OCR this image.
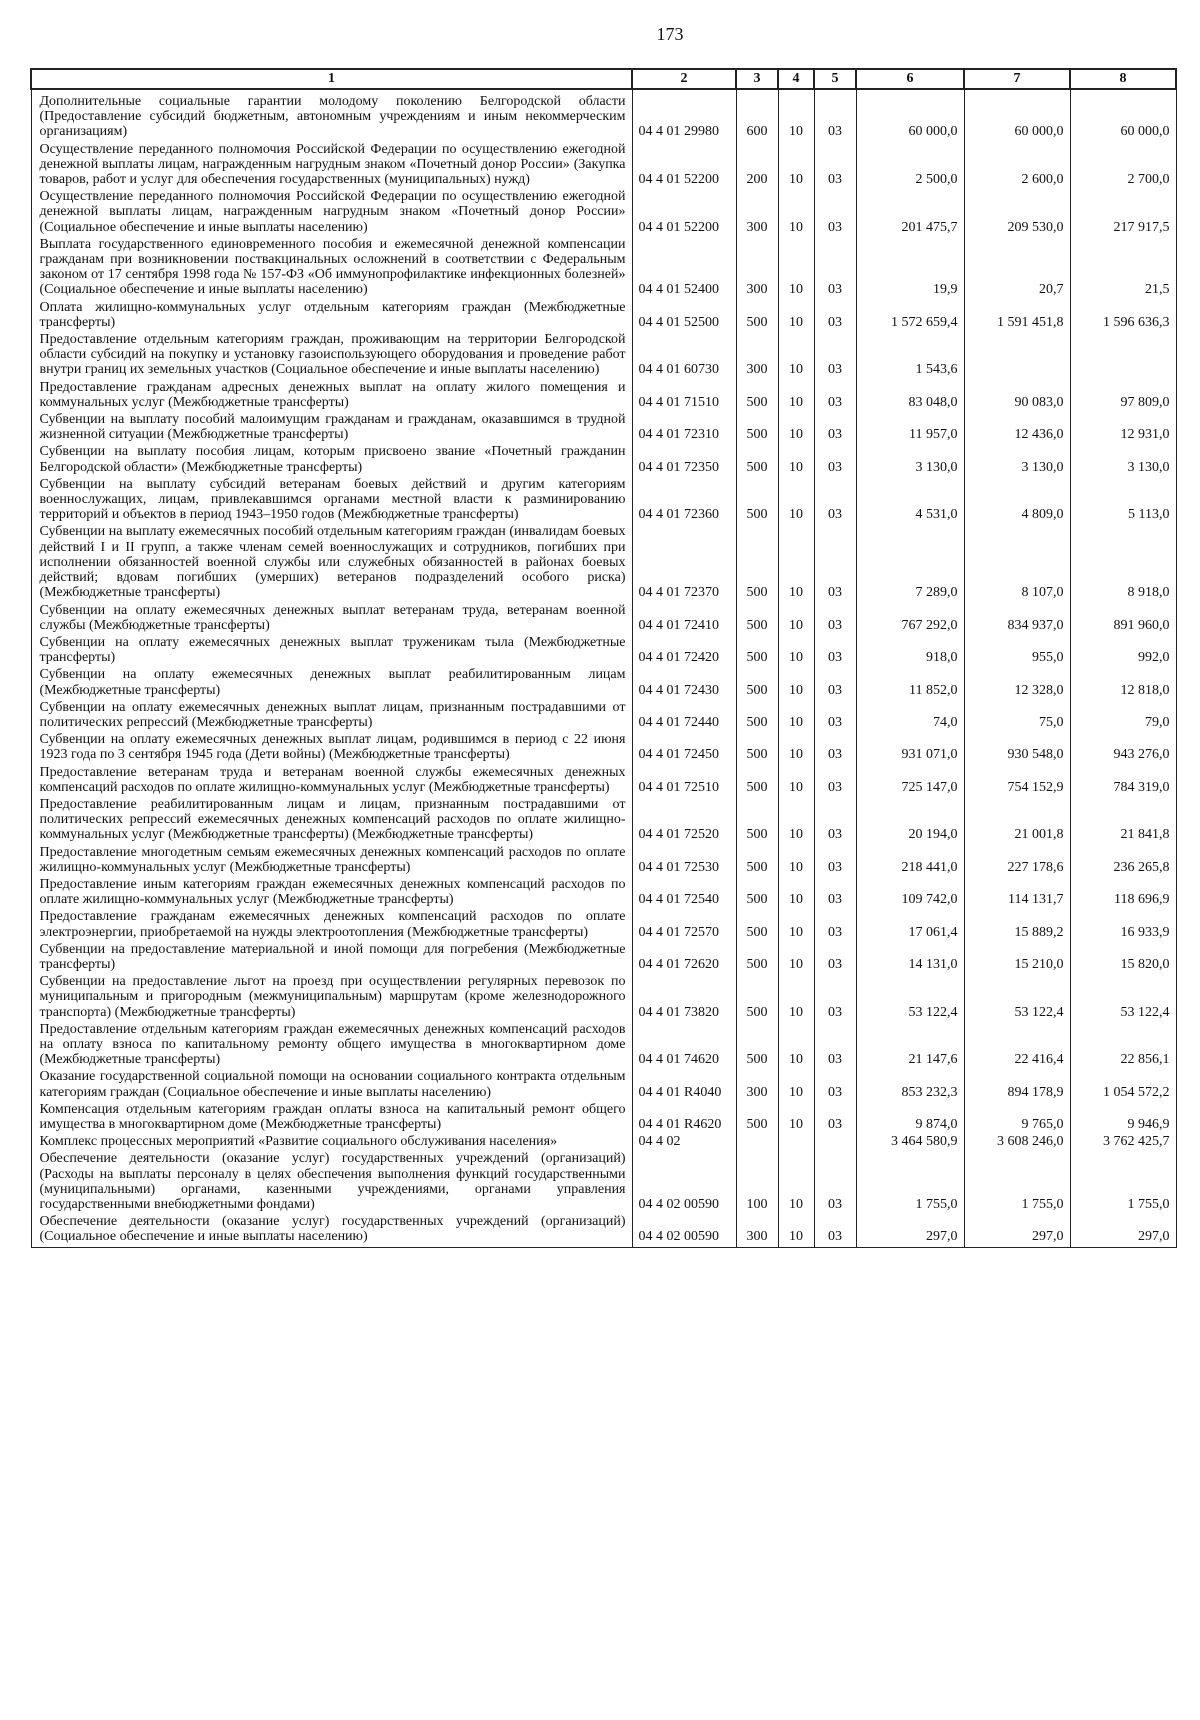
173
1	2	3	4	5	6	7	8
Дополнительные социальные гарантии молодому поколению Белгородской области (Предоставление субсидий бюджетным, автономным учреждениям и иным некоммерческим организациям)	04 4 01 29980	600	10	03	60 000,0	60 000,0	60 000,0
Осуществление переданного полномочия Российской Федерации по осуществлению ежегодной денежной выплаты лицам, награжденным нагрудным знаком «Почетный донор России» (Закупка товаров, работ и услуг для обеспечения государственных (муниципальных) нужд)	04 4 01 52200	200	10	03	2 500,0	2 600,0	2 700,0
Осуществление переданного полномочия Российской Федерации по осуществлению ежегодной денежной выплаты лицам, награжденным нагрудным знаком «Почетный донор России» (Социальное обеспечение и иные выплаты населению)	04 4 01 52200	300	10	03	201 475,7	209 530,0	217 917,5
Выплата государственного единовременного пособия и ежемесячной денежной компенсации гражданам при возникновении поствакцинальных осложнений в соответствии с Федеральным законом от 17 сентября 1998 года № 157-ФЗ «Об иммунопрофилактике инфекционных болезней» (Социальное обеспечение и иные выплаты населению)	04 4 01 52400	300	10	03	19,9	20,7	21,5
Оплата жилищно-коммунальных услуг отдельным категориям граждан (Межбюджетные трансферты)	04 4 01 52500	500	10	03	1 572 659,4	1 591 451,8	1 596 636,3
Предоставление отдельным категориям граждан, проживающим на территории Белгородской области субсидий на покупку и установку газоиспользующего оборудования и проведение работ внутри границ их земельных участков (Социальное обеспечение и иные выплаты населению)	04 4 01 60730	300	10	03	1 543,6		
Предоставление гражданам адресных денежных выплат на оплату жилого помещения и коммунальных услуг (Межбюджетные трансферты)	04 4 01 71510	500	10	03	83 048,0	90 083,0	97 809,0
Субвенции на выплату пособий малоимущим гражданам и гражданам, оказавшимся в трудной жизненной ситуации (Межбюджетные трансферты)	04 4 01 72310	500	10	03	11 957,0	12 436,0	12 931,0
Субвенции на выплату пособия лицам, которым присвоено звание «Почетный гражданин Белгородской области» (Межбюджетные трансферты)	04 4 01 72350	500	10	03	3 130,0	3 130,0	3 130,0
Субвенции на выплату субсидий ветеранам боевых действий и другим категориям военнослужащих, лицам, привлекавшимся органами местной власти к разминированию территорий и объектов в период 1943–1950 годов (Межбюджетные трансферты)	04 4 01 72360	500	10	03	4 531,0	4 809,0	5 113,0
Субвенции на выплату ежемесячных пособий отдельным категориям граждан (инвалидам боевых действий I и II групп, а также членам семей военнослужащих и сотрудников, погибших при исполнении обязанностей военной службы или служебных обязанностей в районах боевых действий; вдовам погибших (умерших) ветеранов подразделений особого риска) (Межбюджетные трансферты)	04 4 01 72370	500	10	03	7 289,0	8 107,0	8 918,0
Субвенции на оплату ежемесячных денежных выплат ветеранам труда, ветеранам военной службы (Межбюджетные трансферты)	04 4 01 72410	500	10	03	767 292,0	834 937,0	891 960,0
Субвенции на оплату ежемесячных денежных выплат труженикам тыла (Межбюджетные трансферты)	04 4 01 72420	500	10	03	918,0	955,0	992,0
Субвенции на оплату ежемесячных денежных выплат реабилитированным лицам (Межбюджетные трансферты)	04 4 01 72430	500	10	03	11 852,0	12 328,0	12 818,0
Субвенции на оплату ежемесячных денежных выплат лицам, признанным пострадавшими от политических репрессий (Межбюджетные трансферты)	04 4 01 72440	500	10	03	74,0	75,0	79,0
Субвенции на оплату ежемесячных денежных выплат лицам, родившимся в период с 22 июня 1923 года по 3 сентября 1945 года (Дети войны) (Межбюджетные трансферты)	04 4 01 72450	500	10	03	931 071,0	930 548,0	943 276,0
Предоставление ветеранам труда и ветеранам военной службы ежемесячных денежных компенсаций расходов по оплате жилищно-коммунальных услуг (Межбюджетные трансферты)	04 4 01 72510	500	10	03	725 147,0	754 152,9	784 319,0
Предоставление реабилитированным лицам и лицам, признанным пострадавшими от политических репрессий ежемесячных денежных компенсаций расходов по оплате жилищно-коммунальных услуг (Межбюджетные трансферты) (Межбюджетные трансферты)	04 4 01 72520	500	10	03	20 194,0	21 001,8	21 841,8
Предоставление многодетным семьям ежемесячных денежных компенсаций расходов по оплате жилищно-коммунальных услуг (Межбюджетные трансферты)	04 4 01 72530	500	10	03	218 441,0	227 178,6	236 265,8
Предоставление иным категориям граждан ежемесячных денежных компенсаций расходов по оплате жилищно-коммунальных услуг (Межбюджетные трансферты)	04 4 01 72540	500	10	03	109 742,0	114 131,7	118 696,9
Предоставление гражданам ежемесячных денежных компенсаций расходов по оплате электроэнергии, приобретаемой на нужды электроотопления (Межбюджетные трансферты)	04 4 01 72570	500	10	03	17 061,4	15 889,2	16 933,9
Субвенции на предоставление материальной и иной помощи для погребения (Межбюджетные трансферты)	04 4 01 72620	500	10	03	14 131,0	15 210,0	15 820,0
Субвенции на предоставление льгот на проезд при осуществлении регулярных перевозок по муниципальным и пригородным (межмуниципальным) маршрутам (кроме железнодорожного транспорта) (Межбюджетные трансферты)	04 4 01 73820	500	10	03	53 122,4	53 122,4	53 122,4
Предоставление отдельным категориям граждан ежемесячных денежных компенсаций расходов на оплату взноса по капитальному ремонту общего имущества в многоквартирном доме (Межбюджетные трансферты)	04 4 01 74620	500	10	03	21 147,6	22 416,4	22 856,1
Оказание государственной социальной помощи на основании социального контракта отдельным категориям граждан (Социальное обеспечение и иные выплаты населению)	04 4 01 R4040	300	10	03	853 232,3	894 178,9	1 054 572,2
Компенсация отдельным категориям граждан оплаты взноса на капитальный ремонт общего имущества в многоквартирном доме (Межбюджетные трансферты)	04 4 01 R4620	500	10	03	9 874,0	9 765,0	9 946,9
Комплекс процессных мероприятий «Развитие социального обслуживания населения»	04 4 02				3 464 580,9	3 608 246,0	3 762 425,7
Обеспечение деятельности (оказание услуг) государственных учреждений (организаций) (Расходы на выплаты персоналу в целях обеспечения выполнения функций государственными (муниципальными) органами, казенными учреждениями, органами управления государственными внебюджетными фондами)	04 4 02 00590	100	10	03	1 755,0	1 755,0	1 755,0
Обеспечение деятельности (оказание услуг) государственных учреждений (организаций) (Социальное обеспечение и иные выплаты населению)	04 4 02 00590	300	10	03	297,0	297,0	297,0
